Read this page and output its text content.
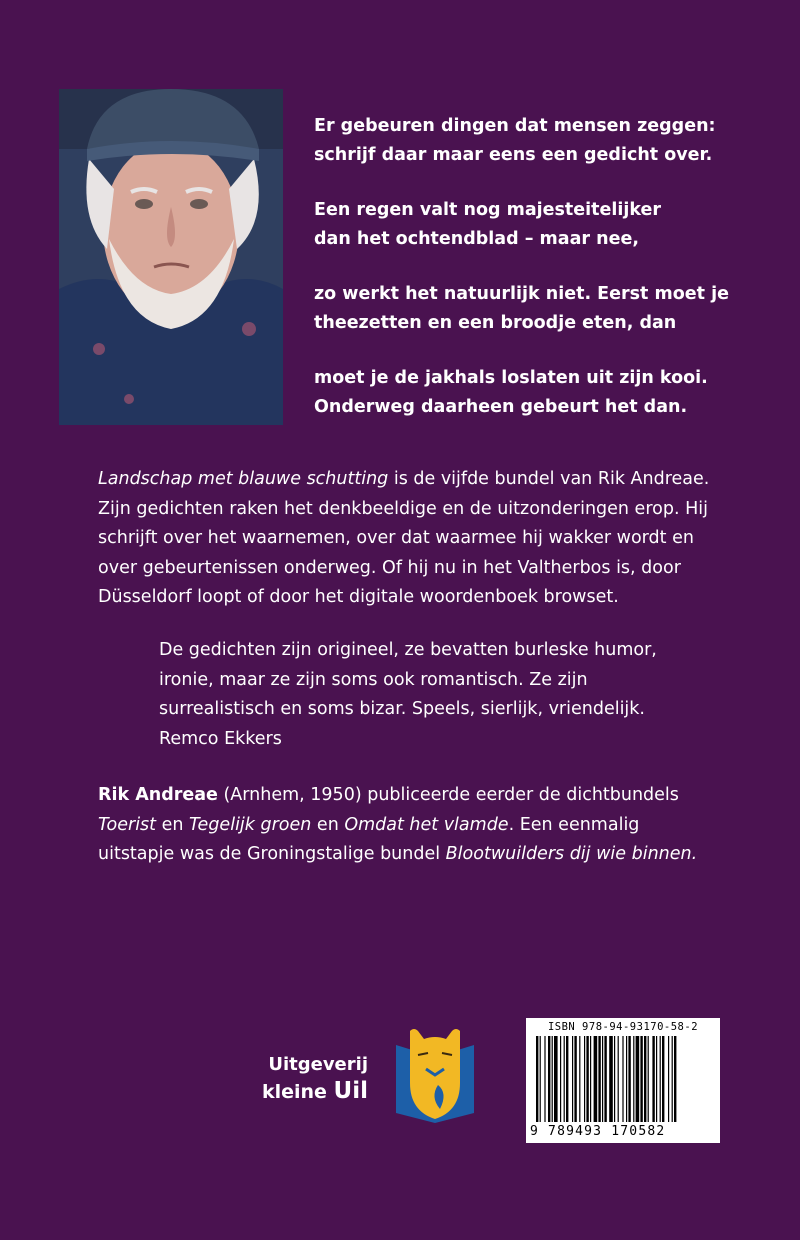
Er gebeuren dingen dat mensen zeggen:
schrijf daar maar eens een gedicht over.
Een regen valt nog majesteitelijker
dan het ochtendblad – maar nee,
zo werkt het natuurlijk niet. Eerst moet je
theezetten en een broodje eten, dan
moet je de jakhals loslaten uit zijn kooi.
Onderweg daarheen gebeurt het dan.
Landschap met blauwe schutting is de vijfde bundel van Rik Andreae.
Zijn gedichten raken het denkbeeldige en de uitzonderingen erop. Hij
schrijft over het waarnemen, over dat waarmee hij wakker wordt en
over gebeurtenissen onderweg. Of hij nu in het Valtherbos is, door
Düsseldorf loopt of door het digitale woordenboek browset.
De gedichten zijn origineel, ze bevatten burleske humor,
ironie, maar ze zijn soms ook romantisch. Ze zijn
surrealistisch en soms bizar. Speels, sierlijk, vriendelijk.
Remco Ekkers
Rik Andreae (Arnhem, 1950) publiceerde eerder de dichtbundels
Toerist en Tegelijk groen en Omdat het vlamde. Een eenmalig
uitstapje was de Groningstalige bundel Blootwuilders dij wie binnen.
Uitgeverij
kleine Uil
ISBN 978-94-93170-58-2
9 789493 170582
